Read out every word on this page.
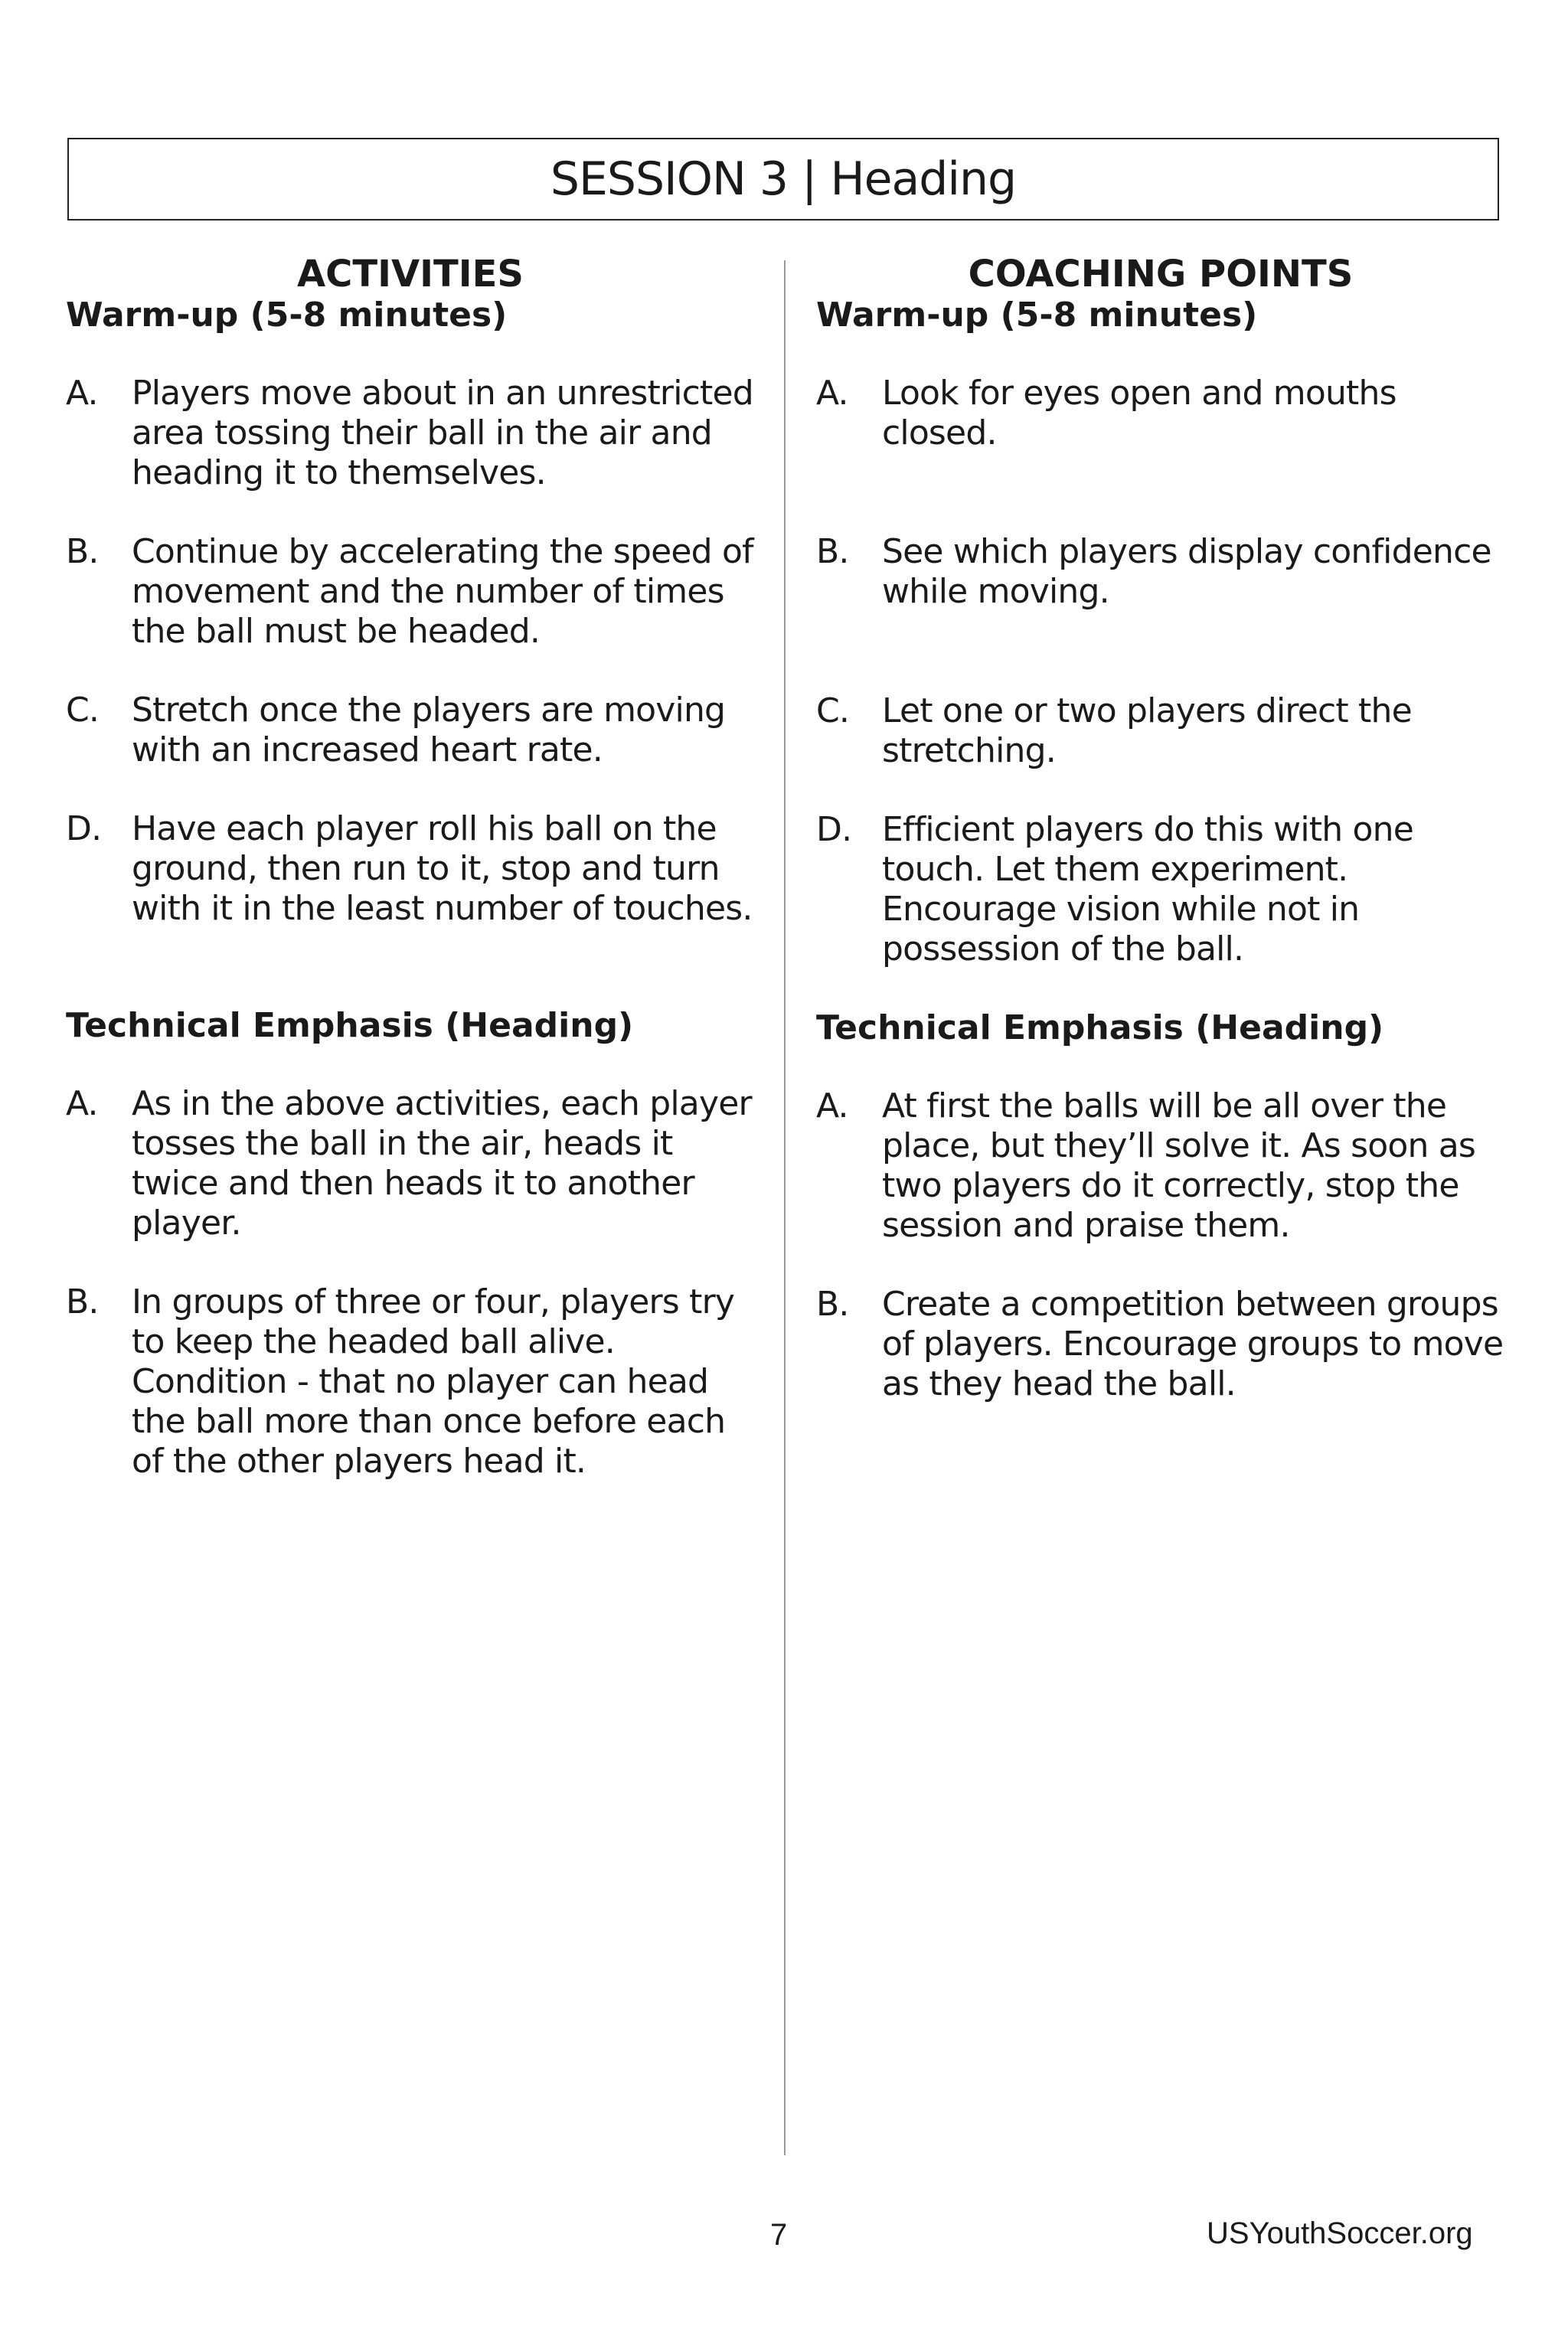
SESSION 3 | Heading
ACTIVITIES
Warm-up (5-8 minutes)
A.	Players move about in an unrestricted area tossing their ball in the air and heading it to themselves.
B. Continue by accelerating the speed of movement and the number of times the ball must be headed.
C. Stretch once the players are moving with an increased heart rate.
D. Have each player roll his ball on the ground, then run to it, stop and turn with it in the least number of touches.
Technical Emphasis (Heading)
A.	As in the above activities, each player tosses the ball in the air, heads it twice and then heads it to another player.
B. In groups of three or four, players try to keep the headed ball alive. Condition - that no player can head the ball more than once before each of the other players head it.
COACHING POINTS
Warm-up (5-8 minutes)
A.	Look for eyes open and mouths closed.
B. See which players display confidence while moving.
C. Let one or two players direct the stretching.
D. Efficient players do this with one touch. Let them experiment. Encourage vision while not in possession of the ball.
Technical Emphasis (Heading)
A.	At first the balls will be all over the place, but they’ll solve it. As soon as two players do it correctly, stop the session and praise them.
B. Create a competition between groups of players. Encourage groups to move as they head the ball.
7	USYouthSoccer.org
